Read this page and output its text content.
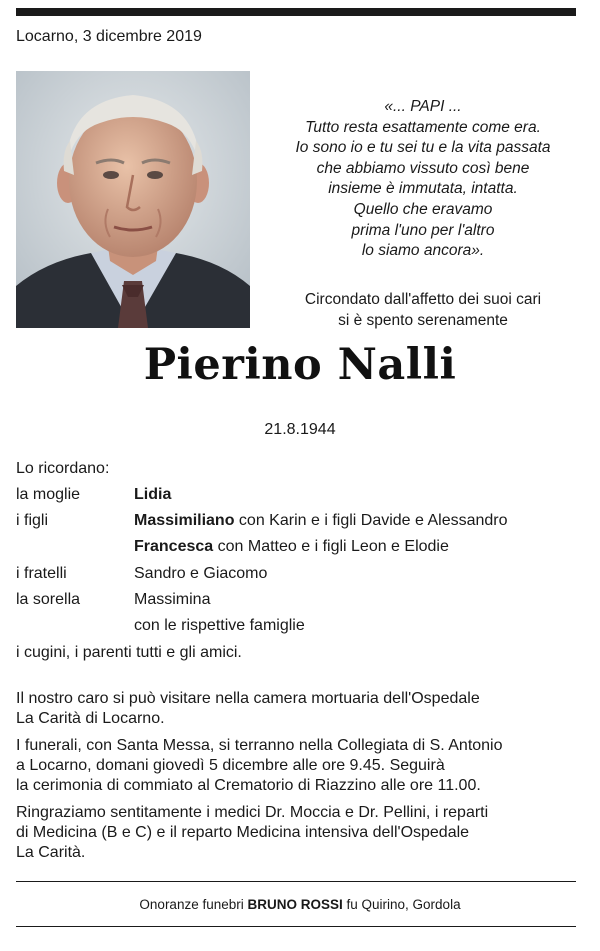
Locarno, 3 dicembre 2019
«... PAPI ...
Tutto resta esattamente come era.
Io sono io e tu sei tu e la vita passata
che abbiamo vissuto così bene
insieme è immutata, intatta.
Quello che eravamo
prima l'uno per l'altro
lo siamo ancora».
Circondato dall'affetto dei suoi cari
si è spento serenamente
Pierino Nalli
21.8.1944
Lo ricordano:
la moglie	Lidia
i figli	Massimiliano con Karin e i figli Davide e Alessandro
Francesca con Matteo e i figli Leon e Elodie
i fratelli	Sandro e Giacomo
la sorella	Massimina
con le rispettive famiglie
i cugini, i parenti tutti e gli amici.
Il nostro caro si può visitare nella camera mortuaria dell'Ospedale
La Carità di Locarno.
I funerali, con Santa Messa, si terranno nella Collegiata di S. Antonio
a Locarno, domani giovedì 5 dicembre alle ore 9.45. Seguirà
la cerimonia di commiato al Crematorio di Riazzino alle ore 11.00.
Ringraziamo sentitamente i medici Dr. Moccia e Dr. Pellini, i reparti
di Medicina (B e C) e il reparto Medicina intensiva dell'Ospedale
La Carità.
Onoranze funebri BRUNO ROSSI fu Quirino, Gordola
